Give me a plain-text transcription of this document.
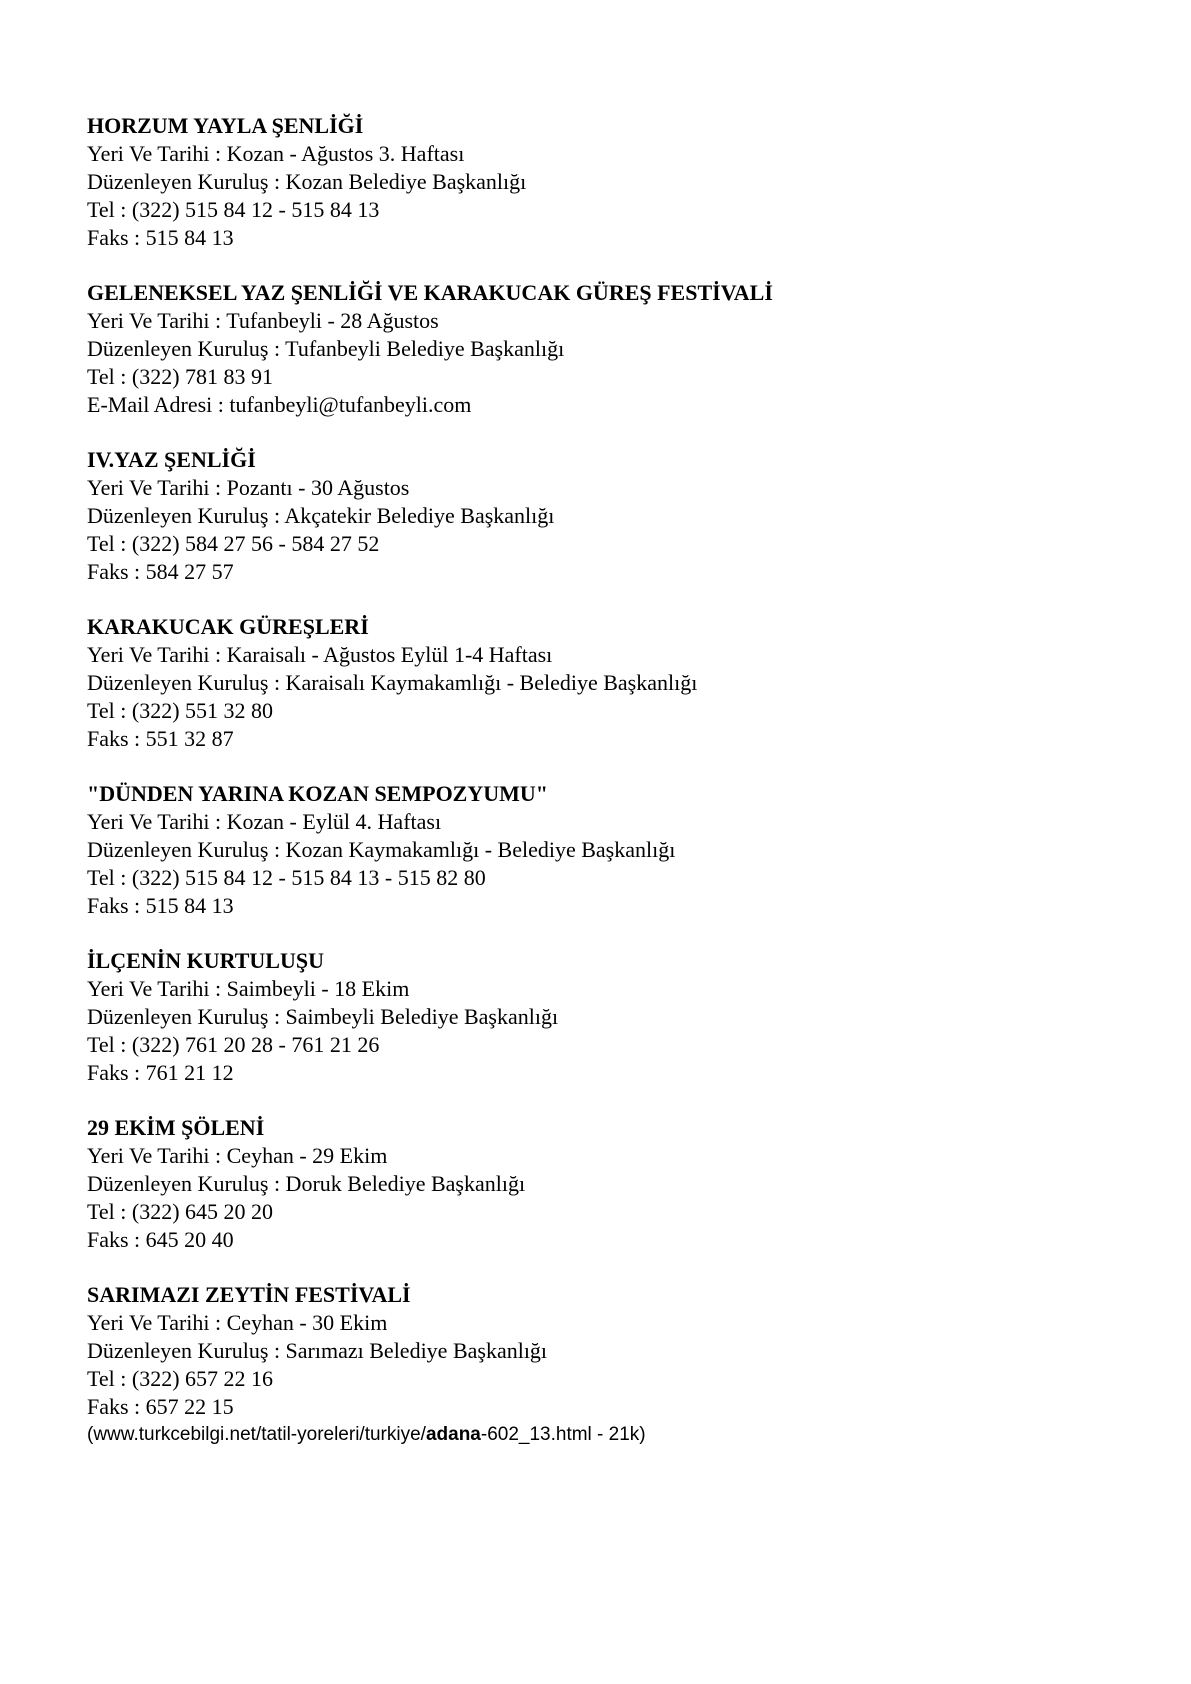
HORZUM YAYLA ŞENLİĞİ
Yeri Ve Tarihi : Kozan - Ağustos 3. Haftası
Düzenleyen Kuruluş : Kozan Belediye Başkanlığı
Tel : (322) 515 84 12 - 515 84 13
Faks : 515 84 13
GELENEKSEL YAZ ŞENLİĞİ VE KARAKUCAK GÜREŞ FESTİVALİ
Yeri Ve Tarihi : Tufanbeyli - 28 Ağustos
Düzenleyen Kuruluş : Tufanbeyli Belediye Başkanlığı
Tel : (322) 781 83 91
E-Mail Adresi : tufanbeyli@tufanbeyli.com
IV.YAZ ŞENLİĞİ
Yeri Ve Tarihi : Pozantı - 30 Ağustos
Düzenleyen Kuruluş : Akçatekir Belediye Başkanlığı
Tel : (322) 584 27 56 - 584 27 52
Faks : 584 27 57
KARAKUCAK GÜREŞLERİ
Yeri Ve Tarihi : Karaisalı - Ağustos Eylül 1-4 Haftası
Düzenleyen Kuruluş : Karaisalı Kaymakamlığı - Belediye Başkanlığı
Tel : (322) 551 32 80
Faks : 551 32 87
"DÜNDEN YARINA KOZAN SEMPOZYUMU"
Yeri Ve Tarihi : Kozan - Eylül 4. Haftası
Düzenleyen Kuruluş : Kozan Kaymakamlığı - Belediye Başkanlığı
Tel : (322) 515 84 12 - 515 84 13 - 515 82 80
Faks : 515 84 13
İLÇENİN KURTULUŞU
Yeri Ve Tarihi : Saimbeyli - 18 Ekim
Düzenleyen Kuruluş : Saimbeyli Belediye Başkanlığı
Tel : (322) 761 20 28 - 761 21 26
Faks : 761 21 12
29 EKİM ŞÖLENİ
Yeri Ve Tarihi : Ceyhan - 29 Ekim
Düzenleyen Kuruluş : Doruk Belediye Başkanlığı
Tel : (322) 645 20 20
Faks : 645 20 40
SARIMAZI ZEYTİN FESTİVALİ
Yeri Ve Tarihi : Ceyhan - 30 Ekim
Düzenleyen Kuruluş : Sarımazı Belediye Başkanlığı
Tel : (322) 657 22 16
Faks : 657 22 15
(www.turkcebilgi.net/tatil-yoreleri/turkiye/adana-602_13.html - 21k)
